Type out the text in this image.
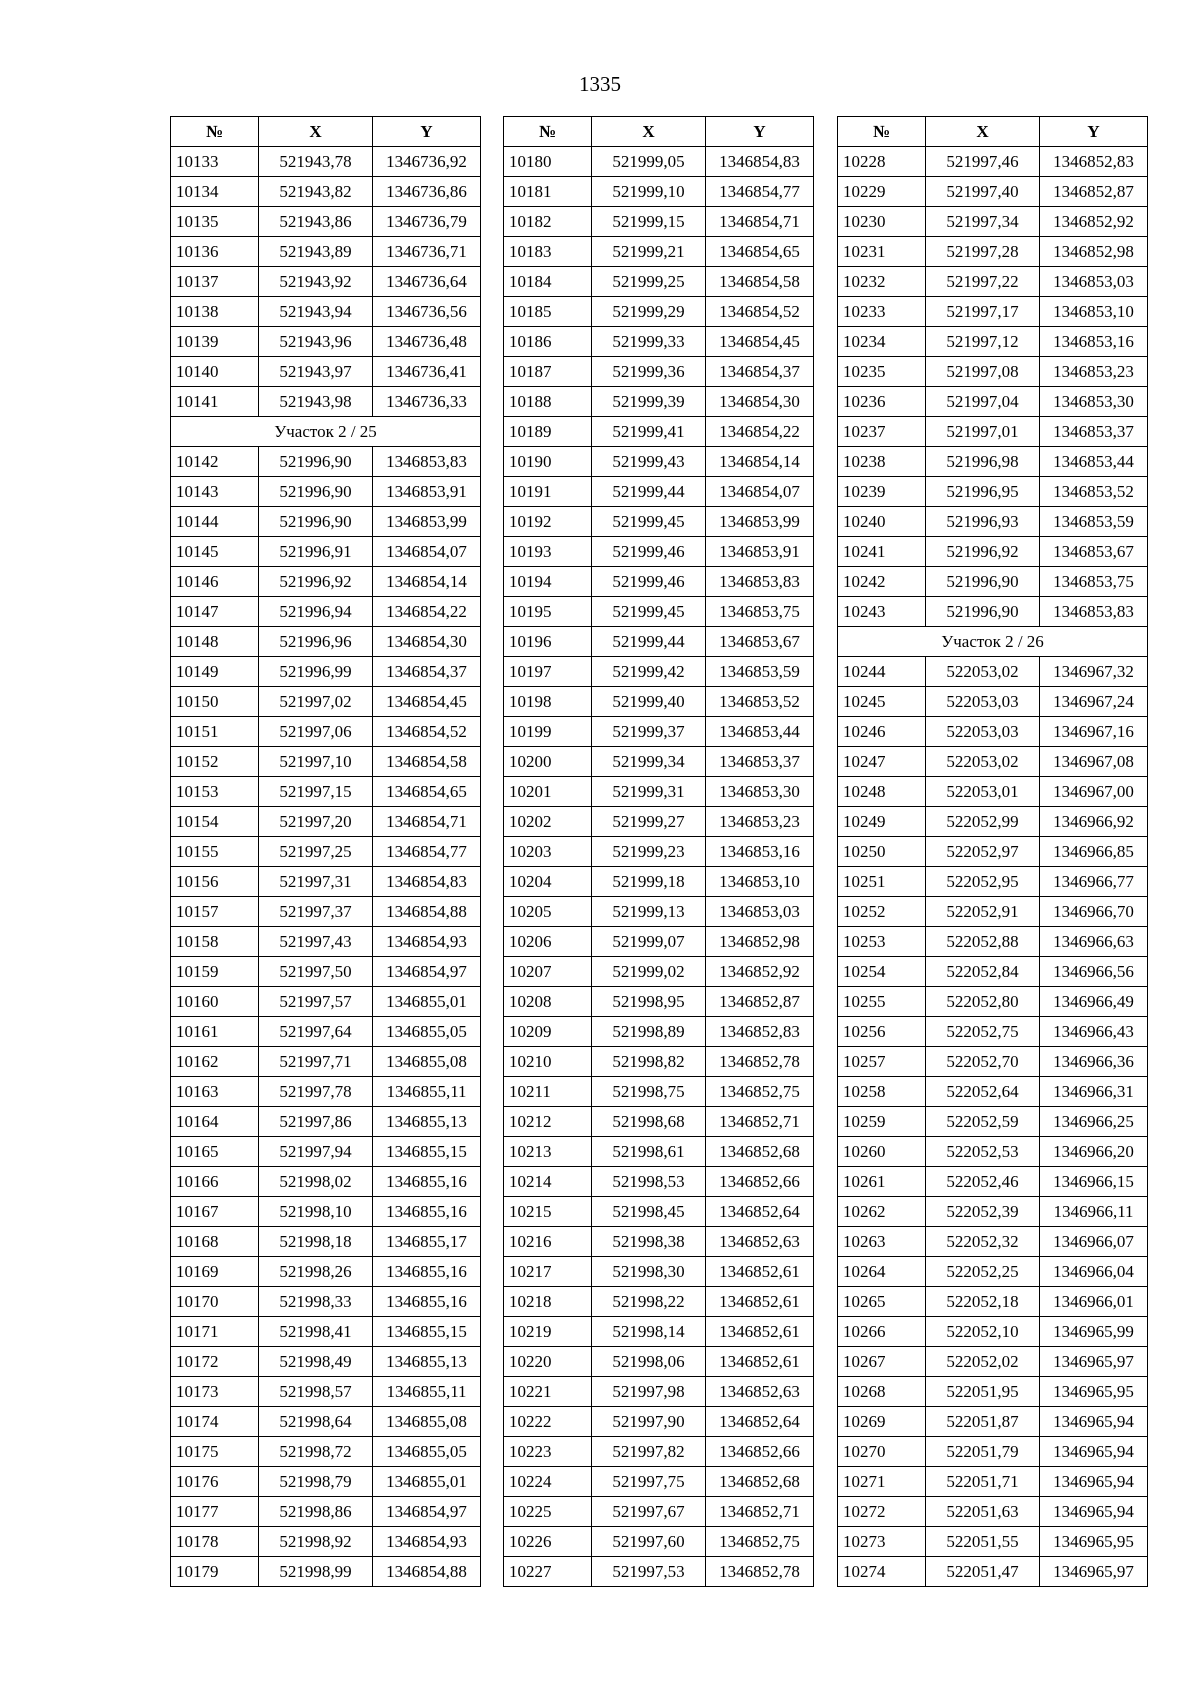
1335
№	X	Y
10133	521943,78	1346736,92
10134	521943,82	1346736,86
10135	521943,86	1346736,79
10136	521943,89	1346736,71
10137	521943,92	1346736,64
10138	521943,94	1346736,56
10139	521943,96	1346736,48
10140	521943,97	1346736,41
10141	521943,98	1346736,33
Участок 2 / 25		
10142	521996,90	1346853,83
10143	521996,90	1346853,91
10144	521996,90	1346853,99
10145	521996,91	1346854,07
10146	521996,92	1346854,14
10147	521996,94	1346854,22
10148	521996,96	1346854,30
10149	521996,99	1346854,37
10150	521997,02	1346854,45
10151	521997,06	1346854,52
10152	521997,10	1346854,58
10153	521997,15	1346854,65
10154	521997,20	1346854,71
10155	521997,25	1346854,77
10156	521997,31	1346854,83
10157	521997,37	1346854,88
10158	521997,43	1346854,93
10159	521997,50	1346854,97
10160	521997,57	1346855,01
10161	521997,64	1346855,05
10162	521997,71	1346855,08
10163	521997,78	1346855,11
10164	521997,86	1346855,13
10165	521997,94	1346855,15
10166	521998,02	1346855,16
10167	521998,10	1346855,16
10168	521998,18	1346855,17
10169	521998,26	1346855,16
10170	521998,33	1346855,16
10171	521998,41	1346855,15
10172	521998,49	1346855,13
10173	521998,57	1346855,11
10174	521998,64	1346855,08
10175	521998,72	1346855,05
10176	521998,79	1346855,01
10177	521998,86	1346854,97
10178	521998,92	1346854,93
10179	521998,99	1346854,88
№	X	Y
10180	521999,05	1346854,83
10181	521999,10	1346854,77
10182	521999,15	1346854,71
10183	521999,21	1346854,65
10184	521999,25	1346854,58
10185	521999,29	1346854,52
10186	521999,33	1346854,45
10187	521999,36	1346854,37
10188	521999,39	1346854,30
10189	521999,41	1346854,22
10190	521999,43	1346854,14
10191	521999,44	1346854,07
10192	521999,45	1346853,99
10193	521999,46	1346853,91
10194	521999,46	1346853,83
10195	521999,45	1346853,75
10196	521999,44	1346853,67
10197	521999,42	1346853,59
10198	521999,40	1346853,52
10199	521999,37	1346853,44
10200	521999,34	1346853,37
10201	521999,31	1346853,30
10202	521999,27	1346853,23
10203	521999,23	1346853,16
10204	521999,18	1346853,10
10205	521999,13	1346853,03
10206	521999,07	1346852,98
10207	521999,02	1346852,92
10208	521998,95	1346852,87
10209	521998,89	1346852,83
10210	521998,82	1346852,78
10211	521998,75	1346852,75
10212	521998,68	1346852,71
10213	521998,61	1346852,68
10214	521998,53	1346852,66
10215	521998,45	1346852,64
10216	521998,38	1346852,63
10217	521998,30	1346852,61
10218	521998,22	1346852,61
10219	521998,14	1346852,61
10220	521998,06	1346852,61
10221	521997,98	1346852,63
10222	521997,90	1346852,64
10223	521997,82	1346852,66
10224	521997,75	1346852,68
10225	521997,67	1346852,71
10226	521997,60	1346852,75
10227	521997,53	1346852,78
№	X	Y
10228	521997,46	1346852,83
10229	521997,40	1346852,87
10230	521997,34	1346852,92
10231	521997,28	1346852,98
10232	521997,22	1346853,03
10233	521997,17	1346853,10
10234	521997,12	1346853,16
10235	521997,08	1346853,23
10236	521997,04	1346853,30
10237	521997,01	1346853,37
10238	521996,98	1346853,44
10239	521996,95	1346853,52
10240	521996,93	1346853,59
10241	521996,92	1346853,67
10242	521996,90	1346853,75
10243	521996,90	1346853,83
Участок 2 / 26		
10244	522053,02	1346967,32
10245	522053,03	1346967,24
10246	522053,03	1346967,16
10247	522053,02	1346967,08
10248	522053,01	1346967,00
10249	522052,99	1346966,92
10250	522052,97	1346966,85
10251	522052,95	1346966,77
10252	522052,91	1346966,70
10253	522052,88	1346966,63
10254	522052,84	1346966,56
10255	522052,80	1346966,49
10256	522052,75	1346966,43
10257	522052,70	1346966,36
10258	522052,64	1346966,31
10259	522052,59	1346966,25
10260	522052,53	1346966,20
10261	522052,46	1346966,15
10262	522052,39	1346966,11
10263	522052,32	1346966,07
10264	522052,25	1346966,04
10265	522052,18	1346966,01
10266	522052,10	1346965,99
10267	522052,02	1346965,97
10268	522051,95	1346965,95
10269	522051,87	1346965,94
10270	522051,79	1346965,94
10271	522051,71	1346965,94
10272	522051,63	1346965,94
10273	522051,55	1346965,95
10274	522051,47	1346965,97
